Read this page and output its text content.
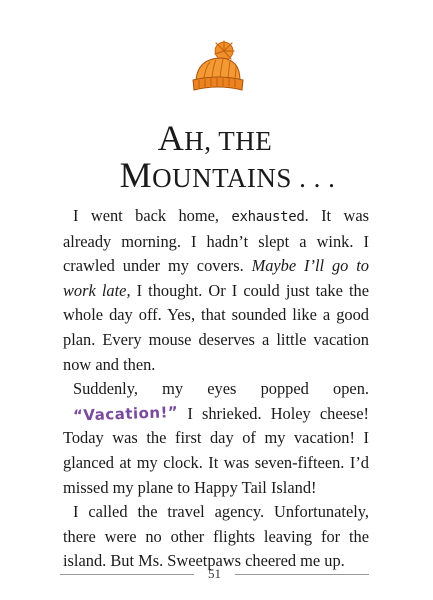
AH, THE
MOUNTAINS . . .

I went back home, exhausted. It was already morning. I hadn’t slept a wink. I crawled under my covers. Maybe I’ll go to work late, I thought. Or I could just take the whole day off. Yes, that sounded like a good plan. Every mouse deserves a little vacation now and then.

Suddenly, my eyes popped open. “Vacation!” I shrieked. Holey cheese! Today was the first day of my vacation! I glanced at my clock. It was seven-fifteen. I’d missed my plane to Happy Tail Island!

I called the travel agency. Unfortunately, there were no other flights leaving for the island. But Ms. Sweetpaws cheered me up.

51
